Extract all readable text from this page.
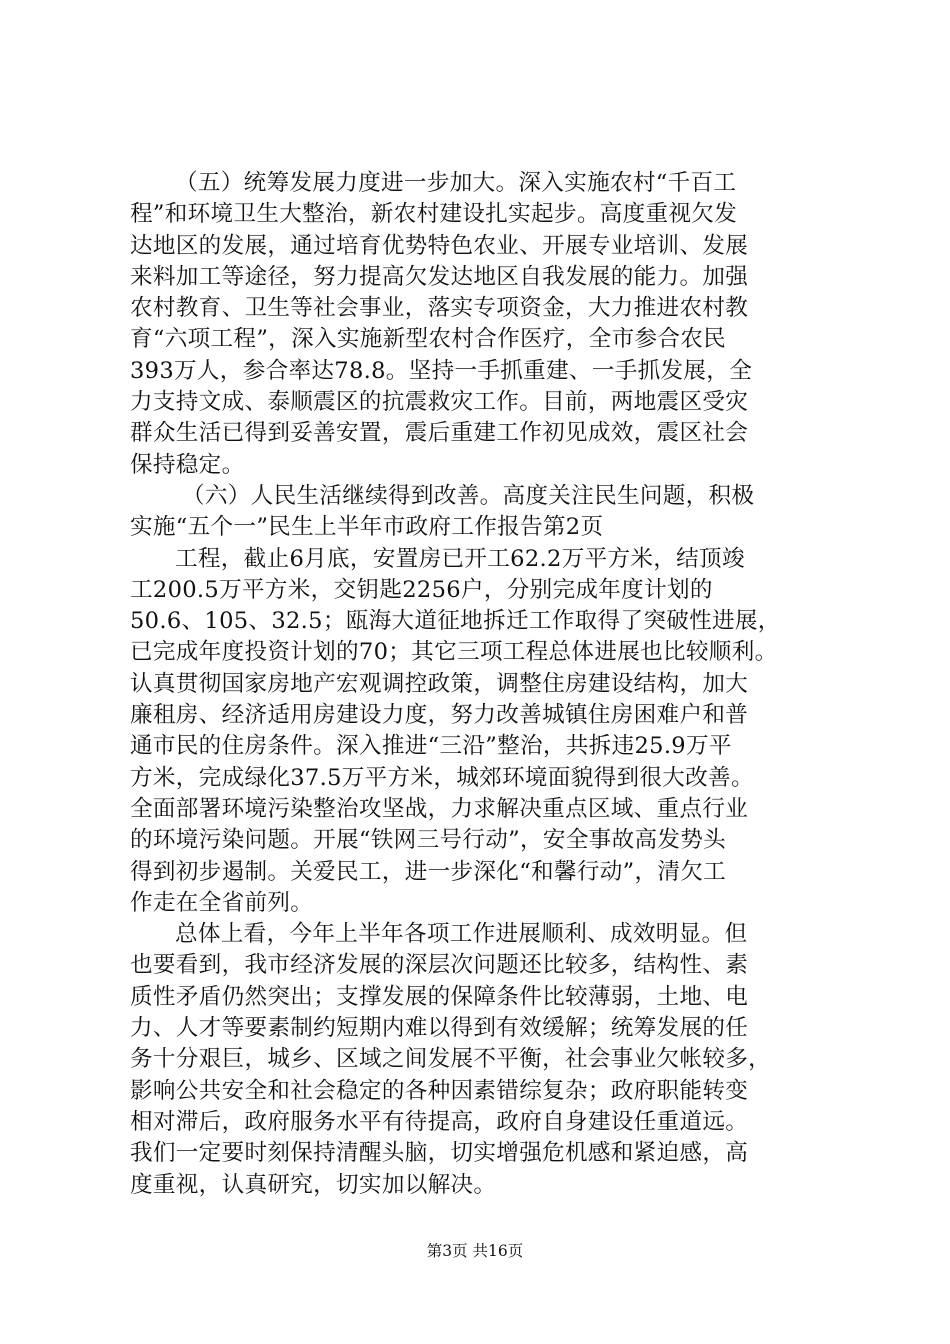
（五）统筹发展力度进一步加大。深入实施农村“千百工
程”和环境卫生大整治，新农村建设扎实起步。高度重视欠发
达地区的发展，通过培育优势特色农业、开展专业培训、发展
来料加工等途径，努力提高欠发达地区自我发展的能力。加强
农村教育、卫生等社会事业，落实专项资金，大力推进农村教
育“六项工程”，深入实施新型农村合作医疗，全市参合农民
393万人，参合率达78.8。坚持一手抓重建、一手抓发展，全
力支持文成、泰顺震区的抗震救灾工作。目前，两地震区受灾
群众生活已得到妥善安置，震后重建工作初见成效，震区社会
保持稳定。
（六）人民生活继续得到改善。高度关注民生问题，积极
实施“五个一”民生上半年市政府工作报告第2页
工程，截止6月底，安置房已开工62.2万平方米，结顶竣
工200.5万平方米，交钥匙2256户，分别完成年度计划的
50.6、105、32.5；瓯海大道征地拆迁工作取得了突破性进展，
已完成年度投资计划的70；其它三项工程总体进展也比较顺利。
认真贯彻国家房地产宏观调控政策，调整住房建设结构，加大
廉租房、经济适用房建设力度，努力改善城镇住房困难户和普
通市民的住房条件。深入推进“三沿”整治，共拆违25.9万平
方米，完成绿化37.5万平方米，城郊环境面貌得到很大改善。
全面部署环境污染整治攻坚战，力求解决重点区域、重点行业
的环境污染问题。开展“铁网三号行动”，安全事故高发势头
得到初步遏制。关爱民工，进一步深化“和馨行动”，清欠工
作走在全省前列。
总体上看，今年上半年各项工作进展顺利、成效明显。但
也要看到，我市经济发展的深层次问题还比较多，结构性、素
质性矛盾仍然突出；支撑发展的保障条件比较薄弱，土地、电
力、人才等要素制约短期内难以得到有效缓解；统筹发展的任
务十分艰巨，城乡、区域之间发展不平衡，社会事业欠帐较多，
影响公共安全和社会稳定的各种因素错综复杂；政府职能转变
相对滞后，政府服务水平有待提高，政府自身建设任重道远。
我们一定要时刻保持清醒头脑，切实增强危机感和紧迫感，高
度重视，认真研究，切实加以解决。
第3页 共16页
